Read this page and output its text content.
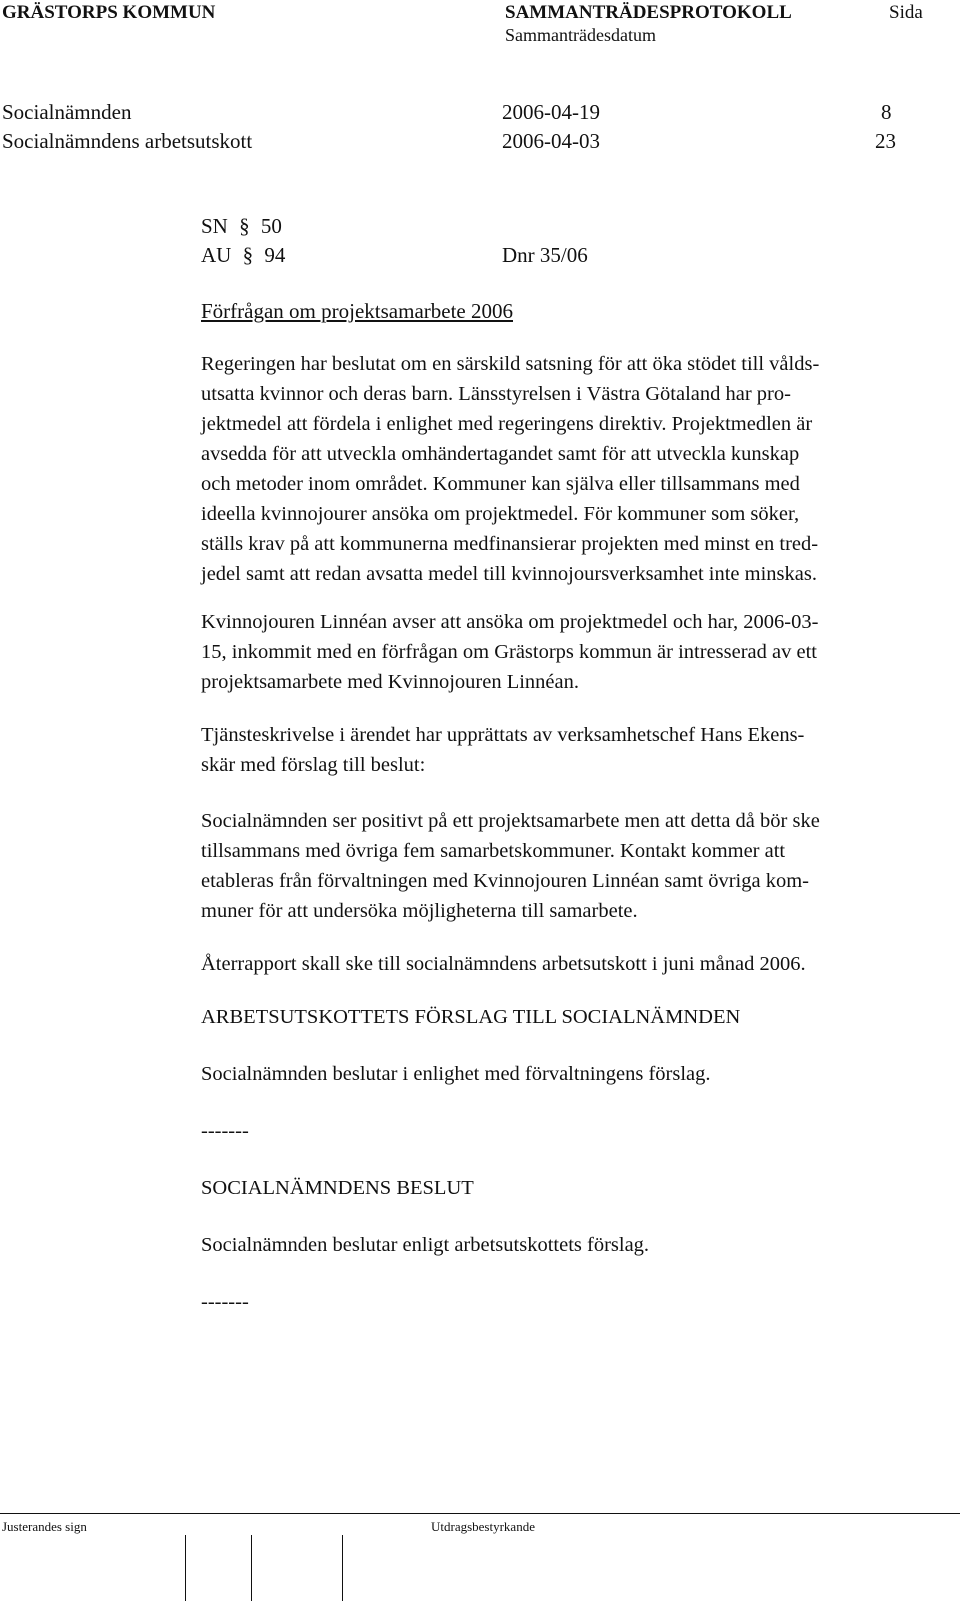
GRÄSTORPS KOMMUN	SAMMANTRÄDESPROTOKOLL	Sida
Sammanträdesdatum
Socialnämnden	2006-04-19	8
Socialnämndens arbetsutskott	2006-04-03	23
SN § 50
AU § 94	Dnr 35/06
Förfrågan om projektsamarbete 2006
Regeringen har beslutat om en särskild satsning för att öka stödet till vålds-
utsatta kvinnor och deras barn. Länsstyrelsen i Västra Götaland har pro-
jektmedel att fördela i enlighet med regeringens direktiv. Projektmedlen är
avsedda för att utveckla omhändertagandet samt för att utveckla kunskap
och metoder inom området. Kommuner kan själva eller tillsammans med
ideella kvinnojourer ansöka om projektmedel. För kommuner som söker,
ställs krav på att kommunerna medfinansierar projekten med minst en tred-
jedel samt att redan avsatta medel till kvinnojoursverksamhet inte minskas.
Kvinnojouren Linnéan avser att ansöka om projektmedel och har, 2006-03-
15, inkommit med en förfrågan om Grästorps kommun är intresserad av ett
projektsamarbete med Kvinnojouren Linnéan.
Tjänsteskrivelse i ärendet har upprättats av verksamhetschef Hans Ekens-
skär med förslag till beslut:
Socialnämnden ser positivt på ett projektsamarbete men att detta då bör ske
tillsammans med övriga fem samarbetskommuner. Kontakt kommer att
etableras från förvaltningen med Kvinnojouren Linnéan samt övriga kom-
muner för att undersöka möjligheterna till samarbete.
Återrapport skall ske till socialnämndens arbetsutskott i juni månad 2006.
ARBETSUTSKOTTETS FÖRSLAG TILL SOCIALNÄMNDEN
Socialnämnden beslutar i enlighet med förvaltningens förslag.
-------
SOCIALNÄMNDENS BESLUT
Socialnämnden beslutar enligt arbetsutskottets förslag.
-------
Justerandes sign	Utdragsbestyrkande
